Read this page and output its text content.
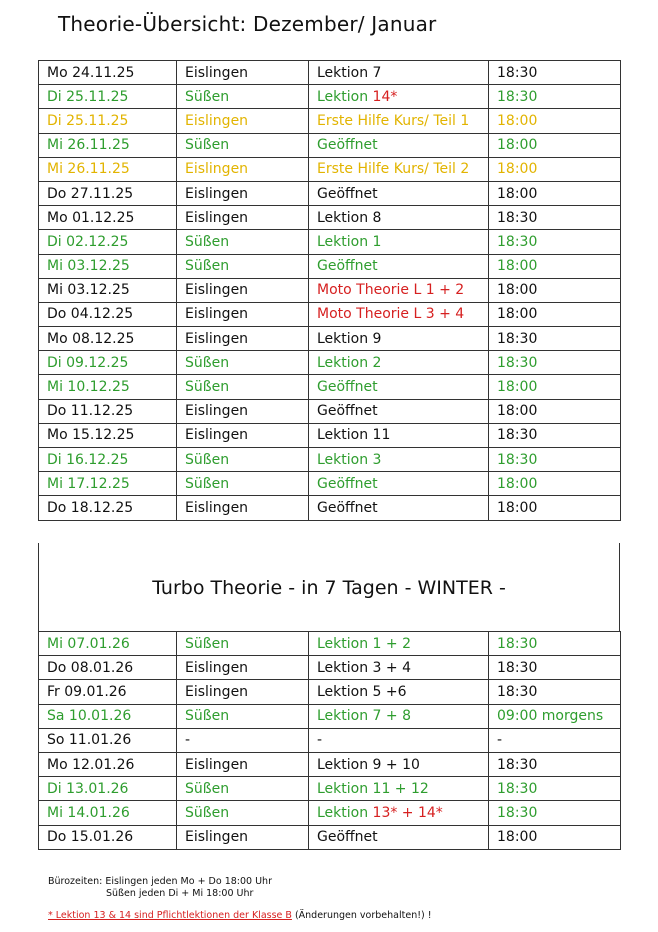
Theorie-Übersicht: Dezember/ Januar
Mo 24.11.25	Eislingen	Lektion 7	18:30
Di 25.11.25	Süßen	Lektion 14*	18:30
Di 25.11.25	Eislingen	Erste Hilfe Kurs/ Teil 1	18:00
Mi 26.11.25	Süßen	Geöffnet	18:00
Mi 26.11.25	Eislingen	Erste Hilfe Kurs/ Teil 2	18:00
Do 27.11.25	Eislingen	Geöffnet	18:00
Mo 01.12.25	Eislingen	Lektion 8	18:30
Di 02.12.25	Süßen	Lektion 1	18:30
Mi 03.12.25	Süßen	Geöffnet	18:00
Mi 03.12.25	Eislingen	Moto Theorie L 1 + 2	18:00
Do 04.12.25	Eislingen	Moto Theorie L 3 + 4	18:00
Mo 08.12.25	Eislingen	Lektion 9	18:30
Di 09.12.25	Süßen	Lektion 2	18:30
Mi 10.12.25	Süßen	Geöffnet	18:00
Do 11.12.25	Eislingen	Geöffnet	18:00
Mo 15.12.25	Eislingen	Lektion 11	18:30
Di 16.12.25	Süßen	Lektion 3	18:30
Mi 17.12.25	Süßen	Geöffnet	18:00
Do 18.12.25	Eislingen	Geöffnet	18:00
Turbo Theorie - in 7 Tagen - WINTER -
Mi 07.01.26	Süßen	Lektion 1 + 2	18:30
Do 08.01.26	Eislingen	Lektion 3 + 4	18:30
Fr 09.01.26	Eislingen	Lektion 5 +6	18:30
Sa 10.01.26	Süßen	Lektion 7 + 8	09:00 morgens
So 11.01.26	-	-	-
Mo 12.01.26	Eislingen	Lektion 9 + 10	18:30
Di 13.01.26	Süßen	Lektion 11 + 12	18:30
Mi 14.01.26	Süßen	Lektion 13* + 14*	18:30
Do 15.01.26	Eislingen	Geöffnet	18:00
Bürozeiten: Eislingen jeden Mo + Do 18:00 Uhr
Süßen jeden Di + Mi 18:00 Uhr
* Lektion 13 & 14 sind Pflichtlektionen der Klasse B (Änderungen vorbehalten!) !
